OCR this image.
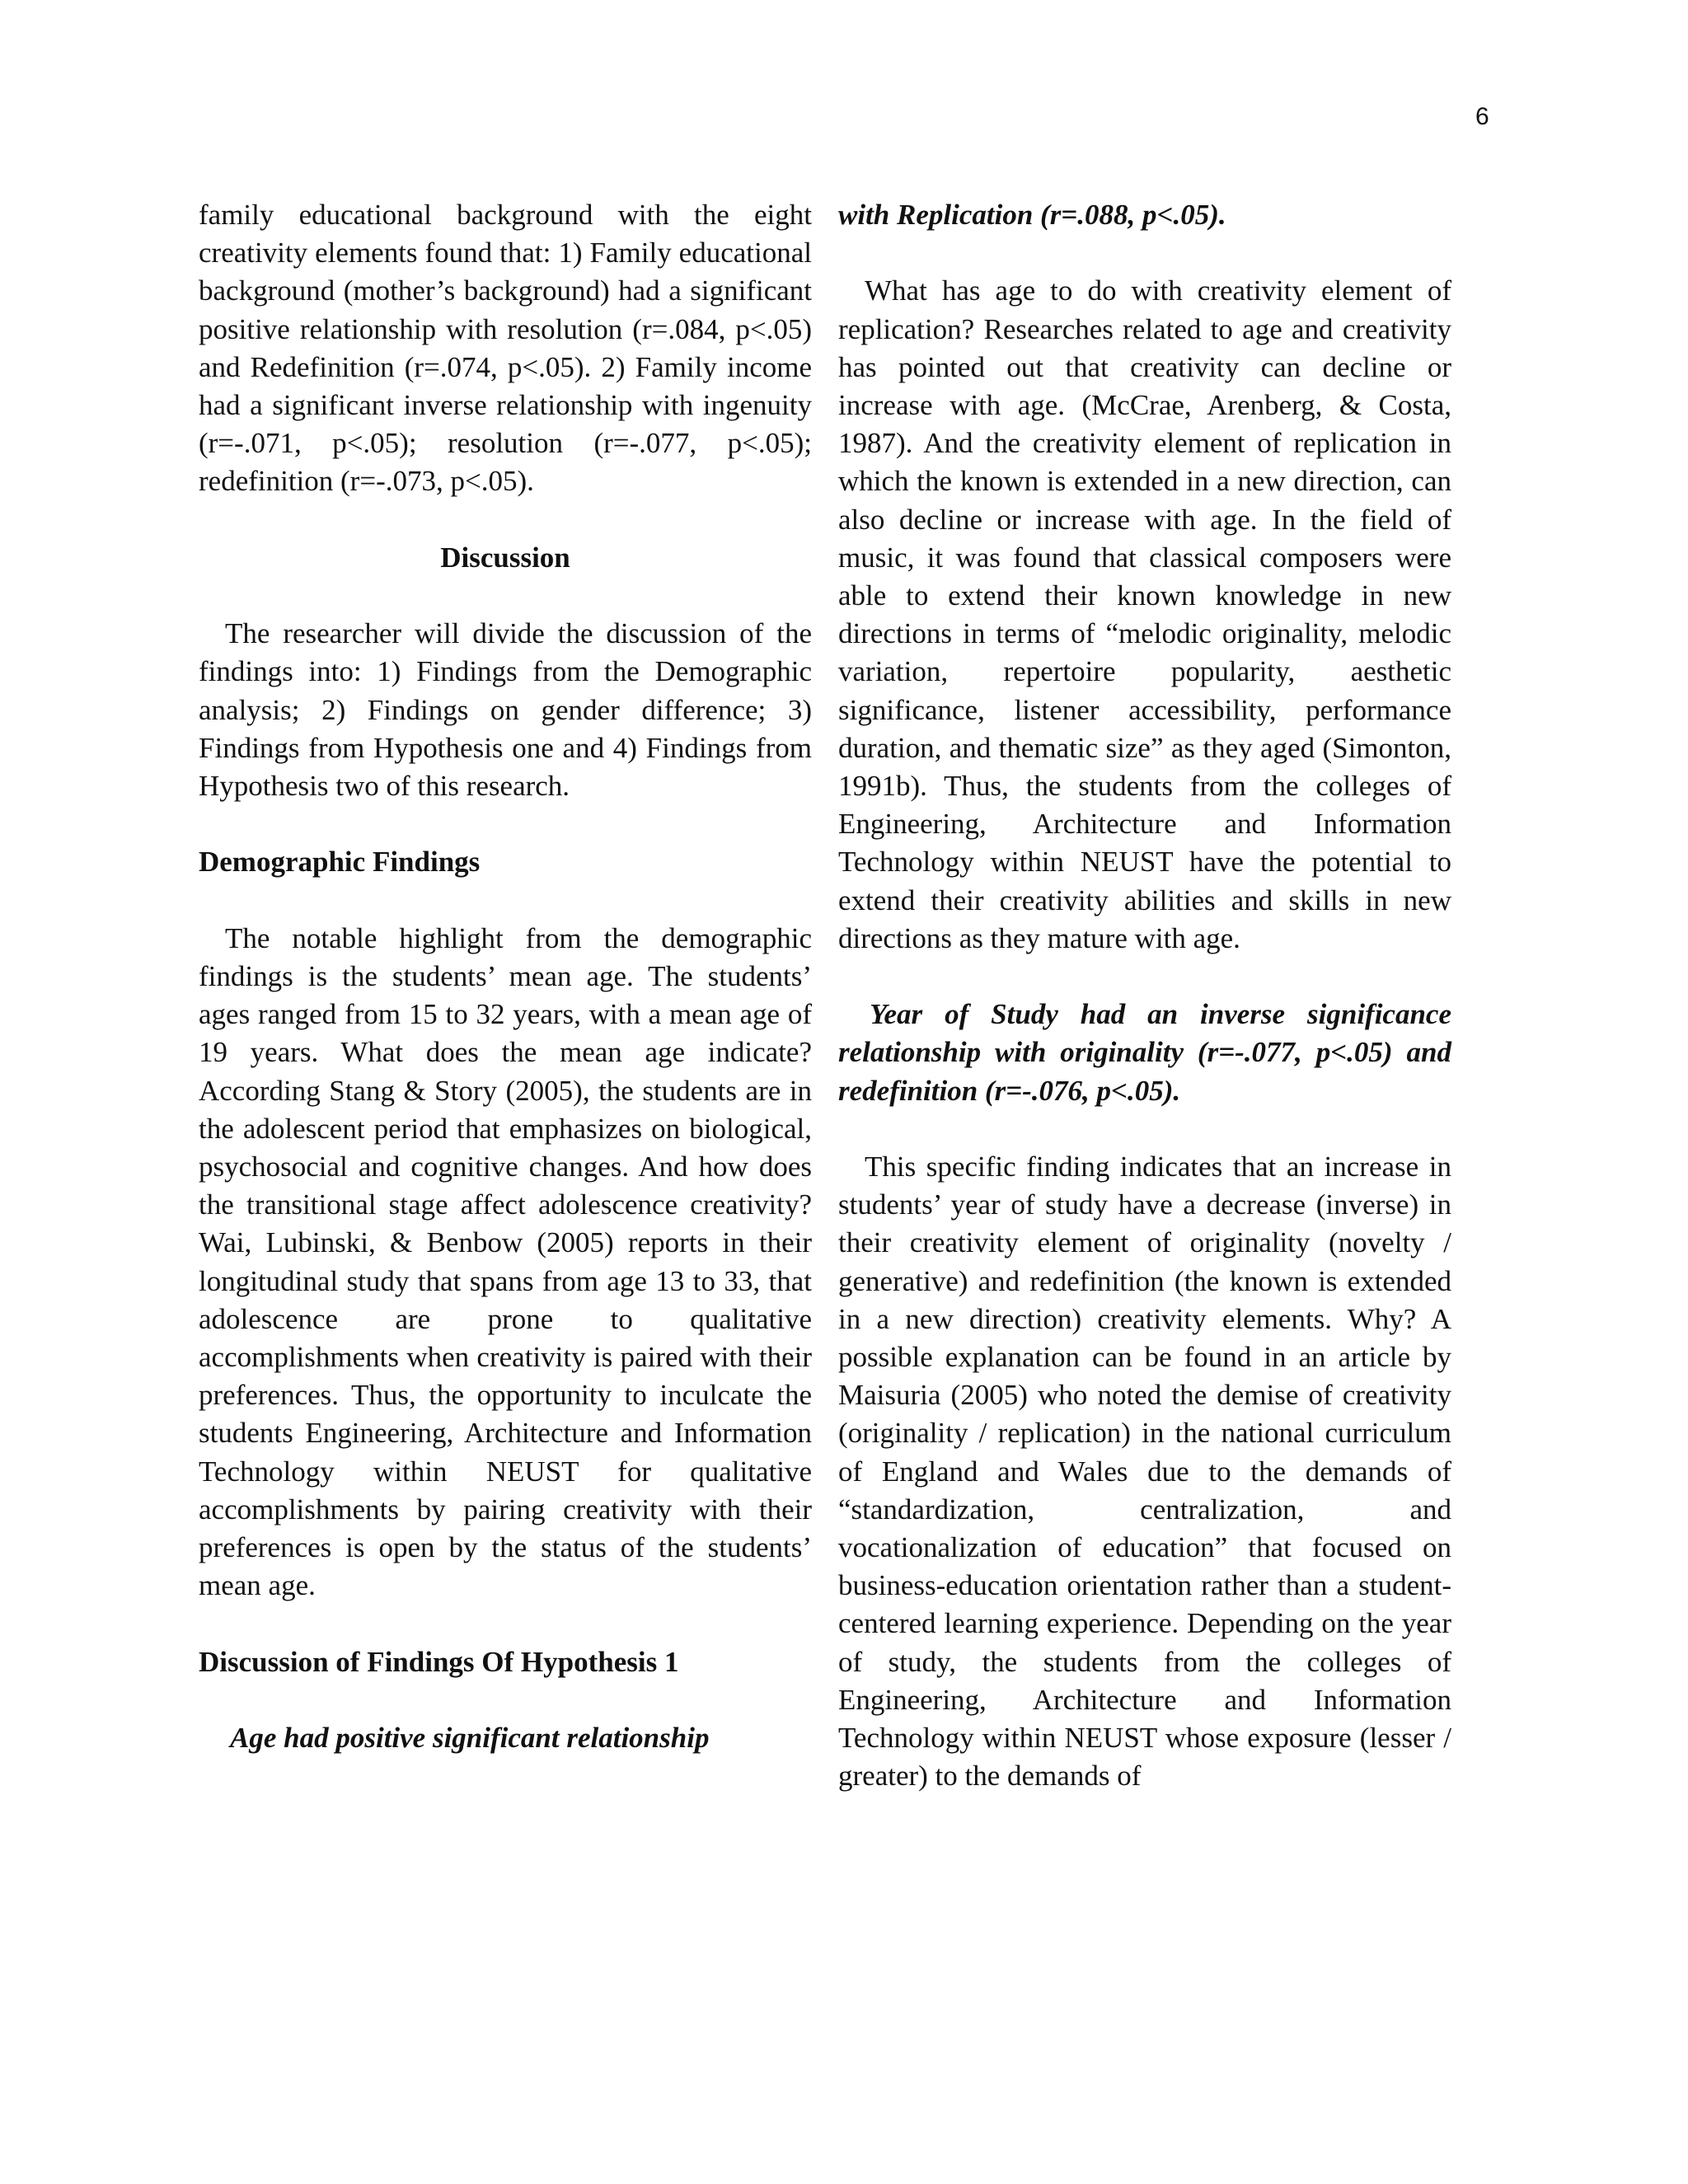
6

family educational background with the eight creativity elements found that: 1) Family educational background (mother’s background) had a significant positive relationship with resolution (r=.084, p<.05) and Redefinition (r=.074, p<.05). 2) Family income had a significant inverse relationship with ingenuity (r=-.071, p<.05); resolution (r=-.077, p<.05); redefinition (r=-.073, p<.05).

Discussion

The researcher will divide the discussion of the findings into: 1) Findings from the Demographic analysis; 2) Findings on gender difference; 3) Findings from Hypothesis one and 4) Findings from Hypothesis two of this research.

Demographic Findings

The notable highlight from the demographic findings is the students’ mean age. The students’ ages ranged from 15 to 32 years, with a mean age of 19 years. What does the mean age indicate? According Stang & Story (2005), the students are in the adolescent period that emphasizes on biological, psychosocial and cognitive changes. And how does the transitional stage affect adolescence creativity? Wai, Lubinski, & Benbow (2005) reports in their longitudinal study that spans from age 13 to 33, that adolescence are prone to qualitative accomplishments when creativity is paired with their preferences. Thus, the opportunity to inculcate the students Engineering, Architecture and Information Technology within NEUST for qualitative accomplishments by pairing creativity with their preferences is open by the status of the students’ mean age.

Discussion of Findings Of Hypothesis 1

Age had positive significant relationship

with Replication (r=.088, p<.05).

What has age to do with creativity element of replication? Researches related to age and creativity has pointed out that creativity can decline or increase with age. (McCrae, Arenberg, & Costa, 1987). And the creativity element of replication in which the known is extended in a new direction, can also decline or increase with age. In the field of music, it was found that classical composers were able to extend their known knowledge in new directions in terms of “melodic originality, melodic variation, repertoire popularity, aesthetic significance, listener accessibility, performance duration, and thematic size” as they aged (Simonton, 1991b). Thus, the students from the colleges of Engineering, Architecture and Information Technology within NEUST have the potential to extend their creativity abilities and skills in new directions as they mature with age.

Year of Study had an inverse significance relationship with originality (r=-.077, p<.05) and redefinition (r=-.076, p<.05).

This specific finding indicates that an increase in students’ year of study have a decrease (inverse) in their creativity element of originality (novelty / generative) and redefinition (the known is extended in a new direction) creativity elements. Why? A possible explanation can be found in an article by Maisuria (2005) who noted the demise of creativity (originality / replication) in the national curriculum of England and Wales due to the demands of “standardization, centralization, and vocationalization of education” that focused on business-education orientation rather than a student-centered learning experience. Depending on the year of study, the students from the colleges of Engineering, Architecture and Information Technology within NEUST whose exposure (lesser / greater) to the demands of
